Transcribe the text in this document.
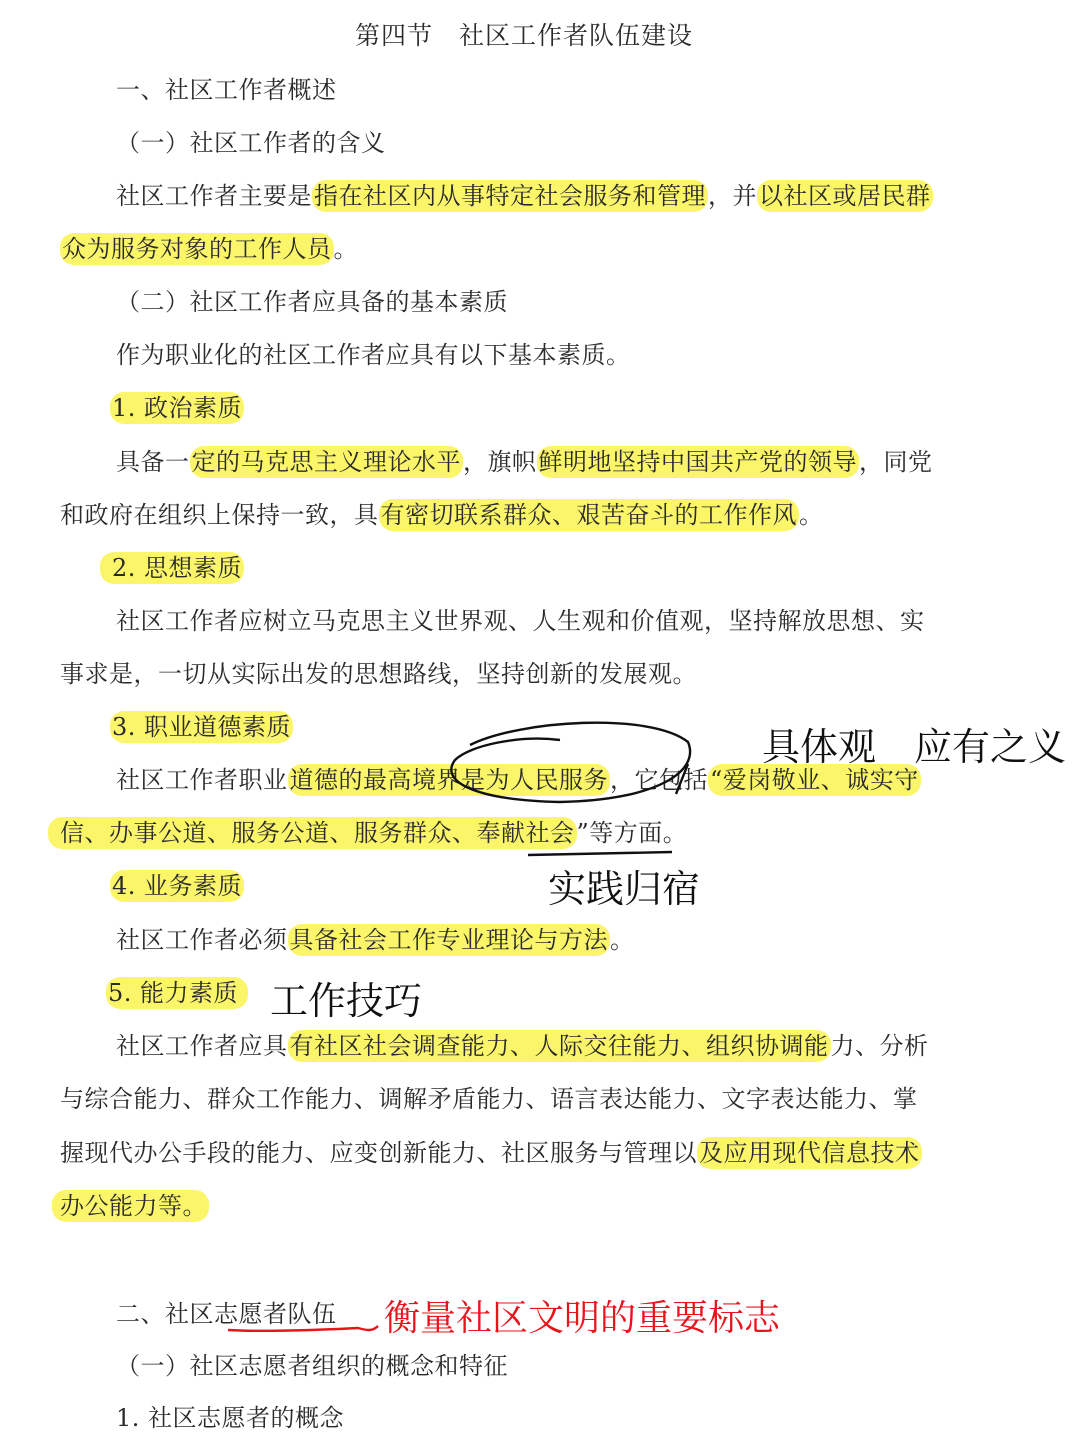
第四节　社区工作者队伍建设
一、社区工作者概述
（一）社区工作者的含义
社区工作者主要是指在社区内从事特定社会服务和管理，并以社区或居民群
众为服务对象的工作人员。
（二）社区工作者应具备的基本素质
作为职业化的社区工作者应具有以下基本素质。
1. 政治素质
具备一定的马克思主义理论水平，旗帜鲜明地坚持中国共产党的领导，同党
和政府在组织上保持一致，具有密切联系群众、艰苦奋斗的工作作风。
2. 思想素质
社区工作者应树立马克思主义世界观、人生观和价值观，坚持解放思想、实
事求是，一切从实际出发的思想路线，坚持创新的发展观。
3. 职业道德素质
社区工作者职业道德的最高境界是为人民服务，它包括“爱岗敬业、诚实守
信、办事公道、服务公道、服务群众、奉献社会”等方面。
4. 业务素质
社区工作者必须具备社会工作专业理论与方法。
5. 能力素质
社区工作者应具有社区社会调查能力、人际交往能力、组织协调能力、分析
与综合能力、群众工作能力、调解矛盾能力、语言表达能力、文字表达能力、掌
握现代办公手段的能力、应变创新能力、社区服务与管理以及应用现代信息技术
办公能力等。
二、社区志愿者队伍
（一）社区志愿者组织的概念和特征
1. 社区志愿者的概念
具体观　应有之义
实践归宿
工作技巧
衡量社区文明的重要标志
